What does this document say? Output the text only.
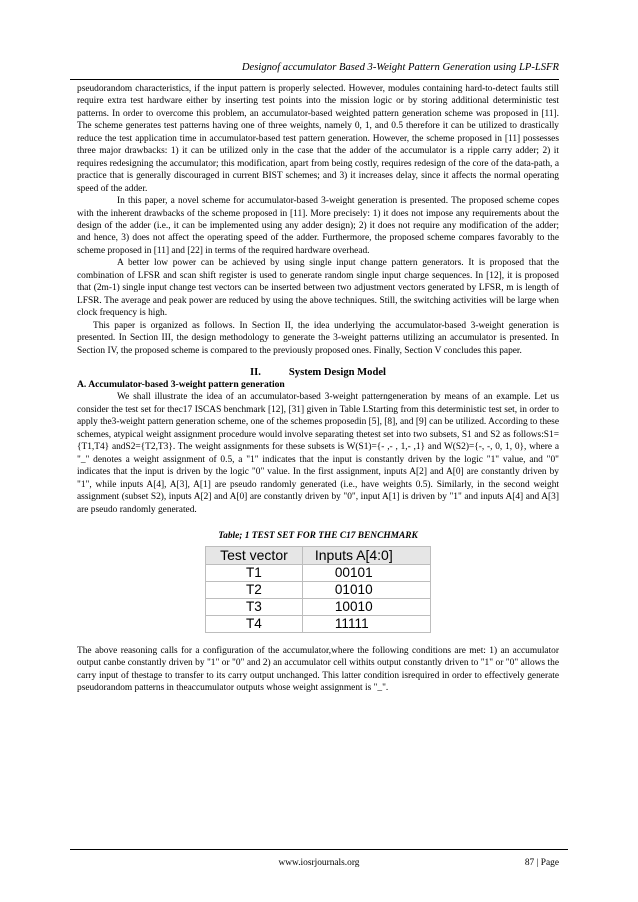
Designof accumulator Based 3-Weight Pattern Generation using LP-LSFR

pseudorandom characteristics, if the input pattern is properly selected. However, modules containing hard-to-detect faults still require extra test hardware either by inserting test points into the mission logic or by storing additional deterministic test patterns. In order to overcome this problem, an accumulator-based weighted pattern generation scheme was proposed in [11]. The scheme generates test patterns having one of three weights, namely 0, 1, and 0.5 therefore it can be utilized to drastically reduce the test application time in accumulator-based test pattern generation. However, the scheme proposed in [11] possesses three major drawbacks: 1) it can be utilized only in the case that the adder of the accumulator is a ripple carry adder; 2) it requires redesigning the accumulator; this modification, apart from being costly, requires redesign of the core of the data-path, a practice that is generally discouraged in current BIST schemes; and 3) it increases delay, since it affects the normal operating speed of the adder.

In this paper, a novel scheme for accumulator-based 3-weight generation is presented. The proposed scheme copes with the inherent drawbacks of the scheme proposed in [11]. More precisely: 1) it does not impose any requirements about the design of the adder (i.e., it can be implemented using any adder design); 2) it does not require any modification of the adder; and hence, 3) does not affect the operating speed of the adder. Furthermore, the proposed scheme compares favorably to the scheme proposed in [11] and [22] in terms of the required hardware overhead.

A better low power can be achieved by using single input change pattern generators. It is proposed that the combination of LFSR and scan shift register is used to generate random single input charge sequences. In [12], it is proposed that (2m-1) single input change test vectors can be inserted between two adjustment vectors generated by LFSR, m is length of LFSR. The average and peak power are reduced by using the above techniques. Still, the switching activities will be large when clock frequency is high.

This paper is organized as follows. In Section II, the idea underlying the accumulator-based 3-weight generation is presented. In Section III, the design methodology to generate the 3-weight patterns utilizing an accumulator is presented. In Section IV, the proposed scheme is compared to the previously proposed ones. Finally, Section V concludes this paper.

II.	System Design Model
A. Accumulator-based 3-weight pattern generation

We shall illustrate the idea of an accumulator-based 3-weight patterngeneration by means of an example. Let us consider the test set for thec17 ISCAS benchmark [12], [31] given in Table I.Starting from this deterministic test set, in order to apply the3-weight pattern generation scheme, one of the schemes proposedin [5], [8], and [9] can be utilized. According to these schemes, atypical weight assignment procedure would involve separating thetest set into two subsets, S1 and S2 as follows:S1={T1,T4} andS2={T2,T3}. The weight assignments for these subsets is W(S1)={- ,- , 1,- ,1} and W(S2)={-, -, 0, 1, 0}, where a "_" denotes a weight assignment of 0.5, a "1" indicates that the input is constantly driven by the logic "1" value, and "0" indicates that the input is driven by the logic "0" value. In the first assignment, inputs A[2] and A[0] are constantly driven by "1", while inputs A[4], A[3], A[1] are pseudo randomly generated (i.e., have weights 0.5). Similarly, in the second weight assignment (subset S2), inputs A[2] and A[0] are constantly driven by "0", input A[1] is driven by "1" and inputs A[4] and A[3] are pseudo randomly generated.

Table; 1 TEST SET FOR THE C17 BENCHMARK
Test vector	Inputs A[4:0]
T1	00101
T2	01010
T3	10010
T4	11111

The above reasoning calls for a configuration of the accumulator,where the following conditions are met: 1) an accumulator output canbe constantly driven by "1" or "0" and 2) an accumulator cell withits output constantly driven to "1" or "0" allows the carry input of thestage to transfer to its carry output unchanged. This latter condition isrequired in order to effectively generate pseudorandom patterns in theaccumulator outputs whose weight assignment is "_".

www.iosrjournals.org	87 | Page
